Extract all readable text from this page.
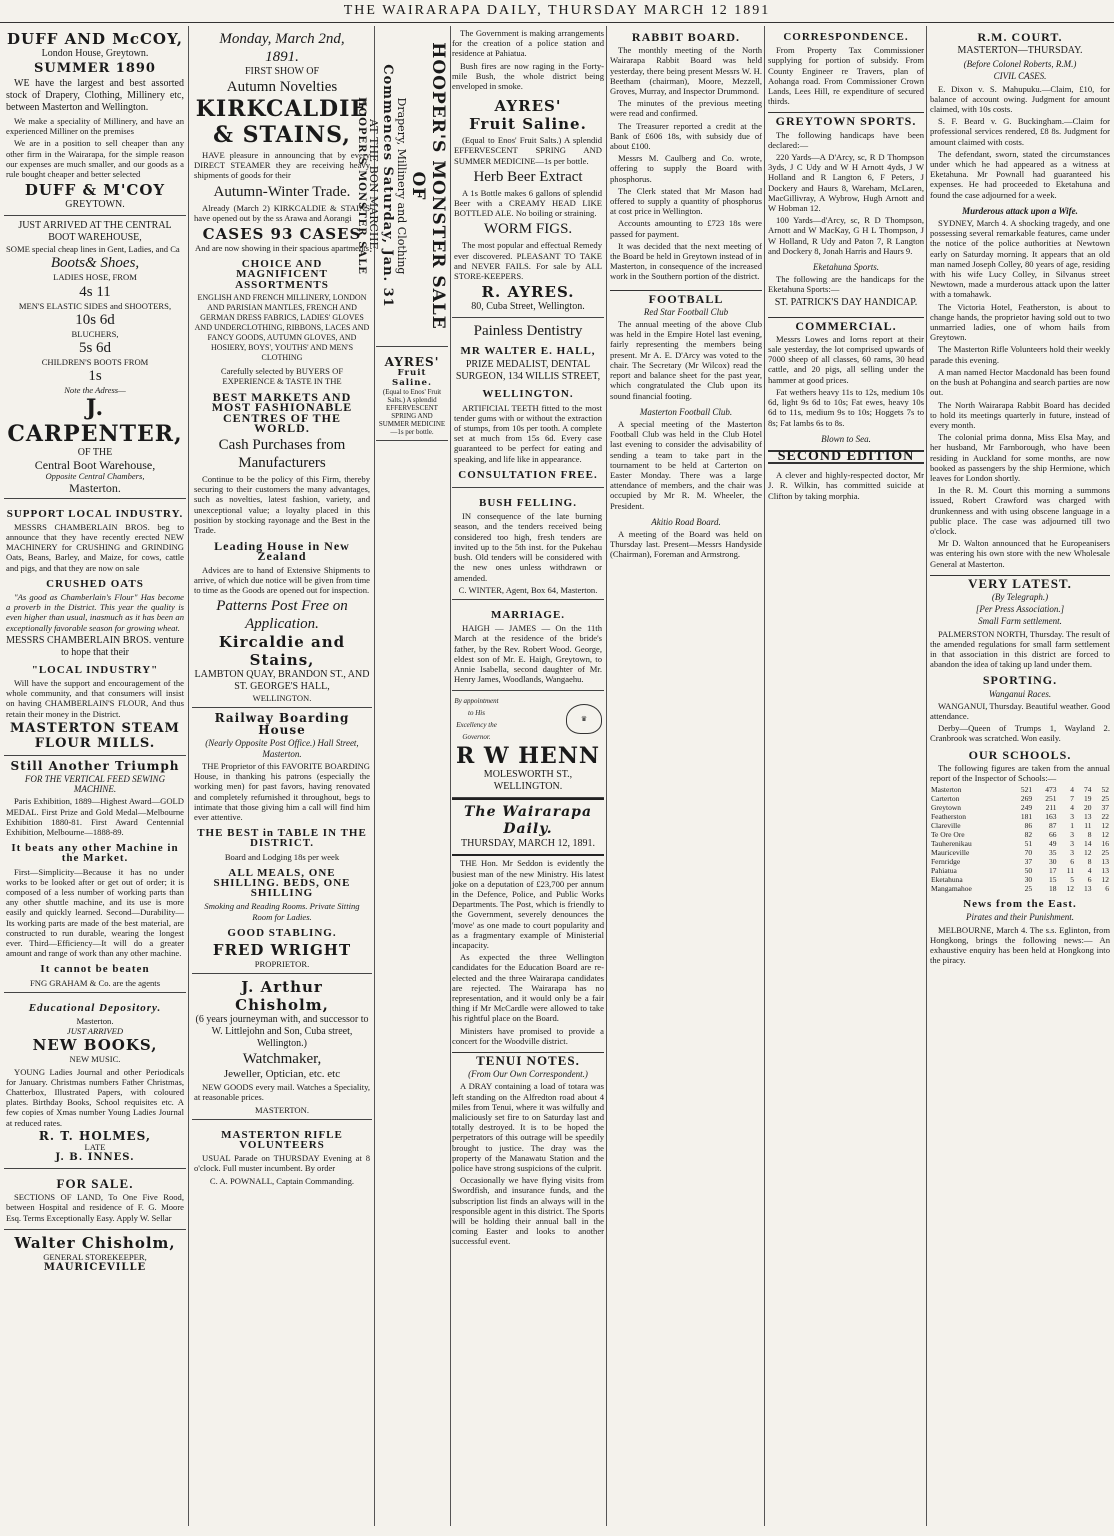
THE WAIRARAPA DAILY, THURSDAY MARCH 12 1891
DUFF AND McCOY,
London House, Greytown.
SUMMER 1890

WE have the largest and best assorted stock of Drapery, Clothing, Millinery etc, between Masterton and Wellington.

We make a speciality of Millinery, and have an experienced Milliner on the premises

We are in a position to sell cheaper than any other firm in the Wairarapa, for the simple reason our expenses are much smaller, and our goods as a rule bought cheaper and better selected

DUFF & M'COY
GREYTOWN.
JUST ARRIVED AT THE CENTRAL BOOT WAREHOUSE,
SOME special cheap lines in Gent, Ladies, and Ca
Boots& Shoes,
LADIES HOSE, FROM
4s 11
MEN'S ELASTIC SIDES and SHOOTERS,
10s 6d
BLUCHERS,
5s 6d
CHILDREN'S BOOTS FROM
1s
Note the Adress—
J. CARPENTER,
OF THE
Central Boot Warehouse,
Opposite Central Chambers,
Masterton.
SUPPORT LOCAL INDUSTRY.

MESSRS CHAMBERLAIN BROS. beg to announce that they have recently erected NEW MACHINERY for CRUSHING and GRINDING Oats, Beans, Barley, and Maize, for cows, cattle and pigs, and that they are now on sale

CRUSHED OATS

"As good as Chamberlain's Flour" Has become a proverb in the District. This year the quality is even higher than usual, inasmuch as it has been an exceptionally favorable season for growing wheat.

MESSRS CHAMBERLAIN BROS. venture to hope that their
"LOCAL INDUSTRY"

Will have the support and encouragement of the whole community, and that consumers will insist on having CHAMBERLAIN'S FLOUR, And thus retain their money in the District.

MASTERTON STEAM FLOUR MILLS.
Still Another Triumph
FOR THE VERTICAL FEED SEWING MACHINE.

Paris Exhibition, 1889—Highest Award—GOLD MEDAL. First Prize and Gold Medal—Melbourne Exhibition 1880-81. First Award Centennial Exhibition, Melbourne—1888-89.

It beats any other Machine in the Market.

First—Simplicity—Because it has no under works to be looked after or get out of order; it is composed of a less number of working parts than any other shuttle machine, and its use is more easily and quickly learned. Second—Durability—Its working parts are made of the best material, are constructed to run durable, wearing the longest ever. Third—Efficiency—It will do a greater amount and range of work than any other machine.

It cannot be beaten
FNG GRAHAM & Co. are the agents
Educational Depository.
Masterton.
JUST ARRIVED
NEW BOOKS,
NEW MUSIC.

YOUNG Ladies Journal and other Periodicals for January. Christmas numbers Father Christmas, Chatterbox, Illustrated Papers, with coloured plates. Birthday Books, School requisites etc. A few copies of Xmas number Young Ladies Journal at reduced rates.

R. T. HOLMES,
LATE
J. B. INNES.
FOR SALE.

SECTIONS OF LAND, To One Five Rood, between Hospital and residence of F. G. Moore Esq. Terms Exceptionally Easy. Apply W. Sellar

Walter Chisholm,
GENERAL STOREKEEPER,
MAURICEVILLE
Monday, March 2nd,
1891.
FIRST SHOW OF
Autumn Novelties
KIRKCALDIE & STAINS,

HAVE pleasure in announcing that by every DIRECT STEAMER they are receiving heavy shipments of goods for their

Autumn-Winter Trade.

Already (March 2) KIRKCALDIE & STAINS have opened out by the ss Arawa and Aorangi

CASES 93 CASES
And are now showing in their spacious apartments
CHOICE AND MAGNIFICENT ASSORTMENTS
ENGLISH AND FRENCH MILLINERY, LONDON AND PARISIAN MANTLES, FRENCH AND GERMAN DRESS FABRICS, LADIES' GLOVES AND UNDERCLOTHING, RIBBONS, LACES AND FANCY GOODS, AUTUMN GLOVES, AND HOSIERY, BOYS', YOUTHS' AND MEN'S CLOTHING
Carefully selected by BUYERS OF EXPERIENCE & TASTE IN THE
BEST MARKETS AND MOST FASHIONABLE CENTRES OF THE WORLD.
Cash Purchases from Manufacturers

Continue to be the policy of this Firm, thereby securing to their customers the many advantages, such as novelties, latest fashion, variety, and unexceptional value; a loyalty placed in this position by stocking rayonage and the Best in the Trade.

Leading House in New Zealand

Advices are to hand of Extensive Shipments to arrive, of which due notice will be given from time to time as the Goods are opened out for inspection.

Patterns Post Free on Application.
Kircaldie and Stains,
LAMBTON QUAY, BRANDON ST., AND ST. GEORGE'S HALL,
WELLINGTON.
Railway Boarding House
(Nearly Opposite Post Office.) Hall Street, Masterton.

THE Proprietor of this FAVORITE BOARDING House, in thanking his patrons (especially the working men) for past favors, having renovated and completely refurnished it throughout, begs to intimate that those giving him a call will find him ever attentive.

THE BEST in TABLE IN THE DISTRICT.
Board and Lodging 18s per week
ALL MEALS, ONE SHILLING. BEDS, ONE SHILLING
Smoking and Reading Rooms. Private Sitting Room for Ladies.
GOOD STABLING.
FRED WRIGHT
PROPRIETOR.
J. Arthur Chisholm,
(6 years journeyman with, and successor to W. Littlejohn and Son, Cuba street, Wellington.)
Watchmaker,
Jeweller, Optician, etc. etc

NEW GOODS every mail. Watches a Speciality, at reasonable prices.

MASTERTON.
MASTERTON RIFLE VOLUNTEERS

USUAL Parade on THURSDAY Evening at 8 o'clock. Full muster incumbent. By order

C. A. POWNALL, Captain Commanding.
HOOPER'S MONSTER SALE OF
Drapery, Millinery and Clothing
Commences Saturday, Jan. 31
AT THE BON MARCHE.
HOOPER'S MONSTER SALE
AYRES'
Fruit Saline.
(Equal to Enos' Fruit Salts.) A splendid EFFERVESCENT SPRING AND SUMMER MEDICINE—1s per bottle.

The Government is making arrangements for the creation of a police station and residence at Pahiatua.

Bush fires are now raging in the Forty-mile Bush, the whole district being enveloped in smoke.

AYRES'
Fruit Saline.

(Equal to Enos' Fruit Salts.) A splendid EFFERVESCENT SPRING AND SUMMER MEDICINE—1s per bottle.

Herb Beer Extract

A 1s Bottle makes 6 gallons of splendid Beer with a CREAMY HEAD LIKE BOTTLED ALE. No boiling or straining.

WORM FIGS.

The most popular and effectual Remedy ever discovered. PLEASANT TO TAKE and NEVER FAILS. For sale by ALL STORE-KEEPERS.

R. AYRES.
80, Cuba Street, Wellington.
Painless Dentistry
MR WALTER E. HALL,
PRIZE MEDALIST, DENTAL SURGEON, 134 WILLIS STREET,
WELLINGTON.

ARTIFICIAL TEETH fitted to the most tender gums with or without the extraction of stumps, from 10s per tooth. A complete set at much from 15s 6d. Every case guaranteed to be perfect for eating and speaking, and life like in appearance.

CONSULTATION FREE.
BUSH FELLING.

IN consequence of the late burning season, and the tenders received being considered too high, fresh tenders are invited up to the 5th inst. for the Pukehau bush. Old tenders will be considered with the new ones unless withdrawn or amended.

C. WINTER, Agent, Box 64, Masterton.
MARRIAGE.

HAIGH — JAMES — On the 11th March at the residence of the bride's father, by the Rev. Robert Wood. George, eldest son of Mr. E. Haigh, Greytown, to Annie Isabella, second daughter of Mr. Henry James, Woodlands, Wangaehu.

By appointment to His Excellency the Governor.
♛
R W HENN
MOLESWORTH ST., WELLINGTON.
The Wairarapa Daily.
THURSDAY, MARCH 12, 1891.

THE Hon. Mr Seddon is evidently the busiest man of the new Ministry. His latest joke on a deputation of £23,700 per annum in the Defence, Police, and Public Works Departments. The Post, which is friendly to the Government, severely denounces the 'move' as one made to court popularity and as a fragmentary example of Ministerial incapacity.

As expected the three Wellington candidates for the Education Board are re-elected and the three Wairarapa candidates are rejected. The Wairarapa has no representation, and it would only be a fair thing if Mr McCardle were allowed to take his rightful place on the Board.

Ministers have promised to provide a concert for the Woodville district.

TENUI NOTES.
(From Our Own Correspondent.)

A DRAY containing a load of totara was left standing on the Alfredton road about 4 miles from Tenui, where it was wilfully and maliciously set fire to on Saturday last and totally destroyed. It is to be hoped the perpetrators of this outrage will be speedily brought to justice. The dray was the property of the Manawatu Station and the police have strong suspicions of the culprit.

Occasionally we have flying visits from Swordfish, and insurance funds, and the subscription list finds an always will in the responsible agent in this district. The Sports will be holding their annual ball in the coming Easter and looks to another successful event.

RABBIT BOARD.

The monthly meeting of the North Wairarapa Rabbit Board was held yesterday, there being present Messrs W. H. Beetham (chairman), Moore, Mezzell, Groves, Murray, and Inspector Drummond.

The minutes of the previous meeting were read and confirmed.

The Treasurer reported a credit at the Bank of £606 18s, with subsidy due of about £100.

Messrs M. Caulberg and Co. wrote, offering to supply the Board with phosphorus.

The Clerk stated that Mr Mason had offered to supply a quantity of phosphorus at cost price in Wellington.

Accounts amounting to £723 18s were passed for payment.

It was decided that the next meeting of the Board be held in Greytown instead of in Masterton, in consequence of the increased work in the Southern portion of the district.

FOOTBALL
Red Star Football Club

The annual meeting of the above Club was held in the Empire Hotel last evening, fairly representing the members being present. Mr A. E. D'Arcy was voted to the chair. The Secretary (Mr Wilcox) read the report and balance sheet for the past year, which congratulated the Club upon its sound financial footing.

Masterton Football Club.

A special meeting of the Masterton Football Club was held in the Club Hotel last evening to consider the advisability of sending a team to take part in the tournament to be held at Carterton on Easter Monday. There was a large attendance of members, and the chair was occupied by Mr R. M. Wheeler, the President.

Akitio Road Board.

A meeting of the Board was held on Thursday last. Present—Messrs Handyside (Chairman), Foreman and Armstrong.

CORRESPONDENCE.

From Property Tax Commissioner supplying for portion of subsidy. From County Engineer re Travers, plan of Aohanga road. From Commissioner Crown Lands, Lees Hill, re expenditure of secured thirds.

GREYTOWN SPORTS.

The following handicaps have been declared:—

220 Yards—A D'Arcy, sc, R D Thompson 3yds, J C Udy and W H Arnott 4yds, J W Holland and R Langton 6, F Peters, J Dockery and Haurs 8, Wareham, McLaren, MacGillivray, A Wybrow, Hugh Arnott and W Hobman 12.

100 Yards—d'Arcy, sc, R D Thompson, Arnott and W MacKay, G H L Thompson, J W Holland, R Udy and Paton 7, R Langton and Dockery 8, Jonah Harris and Haurs 9.

Eketahuna Sports.

The following are the handicaps for the Eketahuna Sports:—

ST. PATRICK'S DAY HANDICAP.
COMMERCIAL.

Messrs Lowes and Iorns report at their sale yesterday, the lot comprised upwards of 7000 sheep of all classes, 60 rams, 30 head cattle, and 20 pigs, all selling under the hammer at good prices.

Fat wethers heavy 11s to 12s, medium 10s 6d, light 9s 6d to 10s; Fat ewes, heavy 10s 6d to 11s, medium 9s to 10s; Hoggets 7s to 8s; Fat lambs 6s to 8s.

Blown to Sea.
SECOND EDITION

A clever and highly-respected doctor, Mr J. R. Wilkin, has committed suicide at Clifton by taking morphia.

R.M. COURT.
MASTERTON—THURSDAY.
(Before Colonel Roberts, R.M.)
CIVIL CASES.

E. Dixon v. S. Mahupuku.—Claim, £10, for balance of account owing. Judgment for amount claimed, with 10s costs.

S. F. Beard v. G. Buckingham.—Claim for professional services rendered, £8 8s. Judgment for amount claimed with costs.

The defendant, sworn, stated the circumstances under which he had appeared as a witness at Eketahuna. Mr Pownall had guaranteed his expenses. He had proceeded to Eketahuna and found the case adjourned for a week.

Murderous attack upon a Wife.

SYDNEY, March 4. A shocking tragedy, and one possessing several remarkable features, came under the notice of the police authorities at Newtown early on Saturday morning. It appears that an old man named Joseph Colley, 80 years of age, residing with his wife Lucy Colley, in Silvanus street Newtown, made a murderous attack upon the latter with a tomahawk.

The Victoria Hotel, Featherston, is about to change hands, the proprietor having sold out to two unmarried ladies, one of whom hails from Greytown.

The Masterton Rifle Volunteers hold their weekly parade this evening.

A man named Hector Macdonald has been found on the bush at Pohangina and search parties are now out.

The North Wairarapa Rabbit Board has decided to hold its meetings quarterly in future, instead of every month.

The colonial prima donna, Miss Elsa May, and her husband, Mr Farnborough, who have been residing in Auckland for some months, are now booked as passengers by the ship Hermione, which leaves for London shortly.

In the R. M. Court this morning a summons issued, Robert Crawford was charged with drunkenness and with using obscene language in a public place. The case was adjourned till two o'clock.

Mr D. Walton announced that he Europeanisers was entering his own store with the new Wholesale General at Masterton.

VERY LATEST.
(By Telegraph.)
[Per Press Association.]
Small Farm settlement.

PALMERSTON NORTH, Thursday. The result of the amended regulations for small farm settlement in that association in this district are forced to abandon the idea of taking up land under them.

SPORTING.
Wanganui Races.

WANGANUI, Thursday. Beautiful weather. Good attendance.

Derby—Queen of Trumps 1, Wayland 2. Cranbrook was scratched. Won easily.

OUR SCHOOLS.

The following figures are taken from the annual report of the Inspector of Schools:—

Masterton	521	473	4	74	52
Carterton	269	251	7	19	25
Greytown	249	211	4	20	37
Featherston	181	163	3	13	22
Clareville	86	87	1	11	12
Te Ore Ore	82	66	3	8	12
Tauherenikau	51	49	3	14	16
Mauriceville	70	35	3	12	25
Fernridge	37	30	6	8	13
Pahiatua	50	17	11	4	13
Eketahuna	30	15	5	6	12
Mangamahoe	25	18	12	13	6
News from the East.
Pirates and their Punishment.

MELBOURNE, March 4. The s.s. Eglinton, from Hongkong, brings the following news:— An exhaustive enquiry has been held at Hongkong into the piracy.
